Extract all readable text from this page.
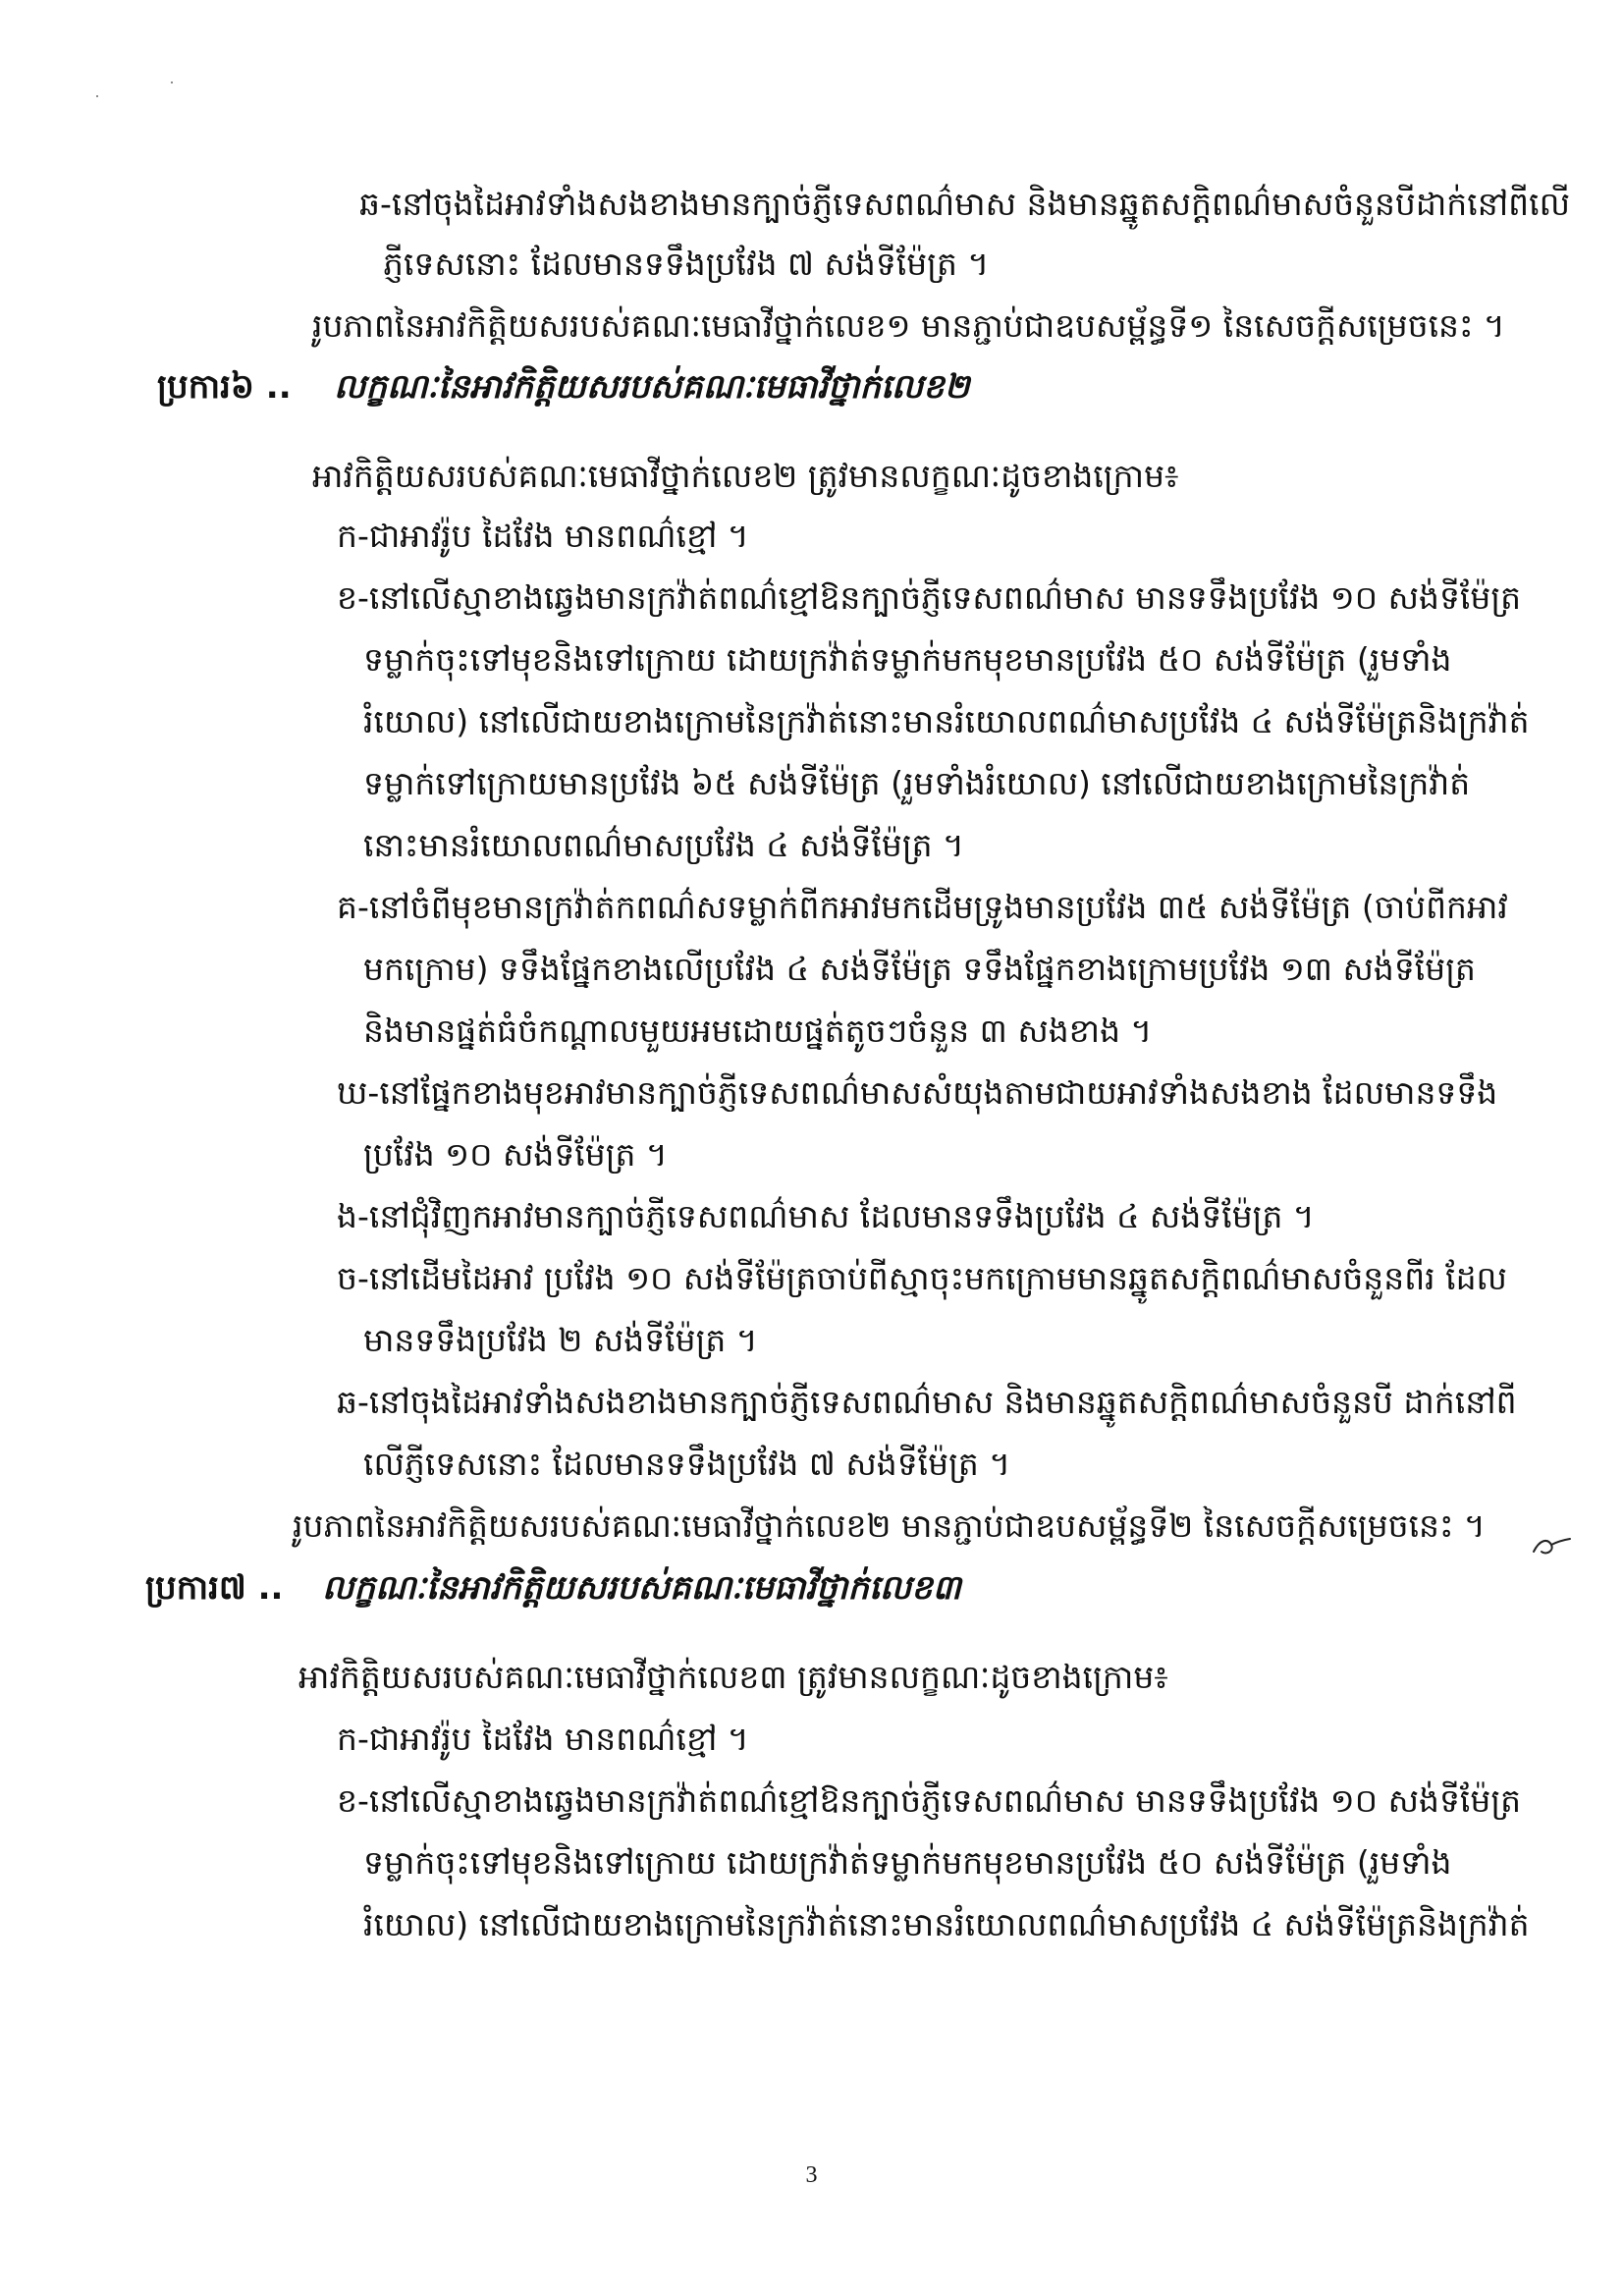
ឆ-នៅចុងដៃអាវទាំងសងខាងមានក្បាច់ភ្ញីទេសពណ៌មាស និងមានឆ្នូតសក្តិពណ៌មាសចំនួនបីដាក់នៅពីលើ
ភ្ញីទេសនោះ ដែលមានទទឹងប្រវែង ៧ សង់ទីម៉ែត្រ ។
រូបភាពនៃអាវកិត្តិយសរបស់គណៈមេធាវីថ្នាក់លេខ១ មានភ្ជាប់ជាឧបសម្ព័ន្ធទី១ នៃសេចក្តីសម្រេចនេះ ។
ប្រការ៦ .. លក្ខណៈនៃអាវកិត្តិយសរបស់គណៈមេធាវីថ្នាក់លេខ២
អាវកិត្តិយសរបស់គណៈមេធាវីថ្នាក់លេខ២ ត្រូវមានលក្ខណៈដូចខាងក្រោម៖
ក-ជាអាវរ៉ូប ដៃវែង មានពណ៌ខ្មៅ ។
ខ-នៅលើស្មាខាងឆ្វេងមានក្រវ៉ាត់ពណ៌ខ្មៅឱនក្បាច់ភ្ញីទេសពណ៌មាស មានទទឹងប្រវែង ១០ សង់ទីម៉ែត្រ
ទម្លាក់ចុះទៅមុខនិងទៅក្រោយ ដោយក្រវ៉ាត់ទម្លាក់មកមុខមានប្រវែង ៥០ សង់ទីម៉ែត្រ (រួមទាំង
រំយោល) នៅលើជាយខាងក្រោមនៃក្រវ៉ាត់នោះមានរំយោលពណ៌មាសប្រវែង ៤ សង់ទីម៉ែត្រនិងក្រវ៉ាត់
ទម្លាក់ទៅក្រោយមានប្រវែង ៦៥ សង់ទីម៉ែត្រ (រួមទាំងរំយោល) នៅលើជាយខាងក្រោមនៃក្រវ៉ាត់
នោះមានរំយោលពណ៌មាសប្រវែង ៤ សង់ទីម៉ែត្រ ។
គ-នៅចំពីមុខមានក្រវ៉ាត់កពណ៌សទម្លាក់ពីកអាវមកដើមទ្រូងមានប្រវែង ៣៥ សង់ទីម៉ែត្រ (ចាប់ពីកអាវ
មកក្រោម) ទទឹងផ្នែកខាងលើប្រវែង ៤ សង់ទីម៉ែត្រ ទទឹងផ្នែកខាងក្រោមប្រវែង ១៣ សង់ទីម៉ែត្រ
និងមានផ្នត់ធំចំកណ្តាលមួយអមដោយផ្នត់តូចៗចំនួន ៣ សងខាង ។
ឃ-នៅផ្នែកខាងមុខអាវមានក្បាច់ភ្ញីទេសពណ៌មាសសំយុងតាមជាយអាវទាំងសងខាង ដែលមានទទឹង
ប្រវែង ១០ សង់ទីម៉ែត្រ ។
ង-នៅជុំវិញកអាវមានក្បាច់ភ្ញីទេសពណ៌មាស ដែលមានទទឹងប្រវែង ៤ សង់ទីម៉ែត្រ ។
ច-នៅដើមដៃអាវ ប្រវែង ១០ សង់ទីម៉ែត្រចាប់ពីស្មាចុះមកក្រោមមានឆ្នូតសក្តិពណ៌មាសចំនួនពីរ ដែល
មានទទឹងប្រវែង ២ សង់ទីម៉ែត្រ ។
ឆ-នៅចុងដៃអាវទាំងសងខាងមានក្បាច់ភ្ញីទេសពណ៌មាស និងមានឆ្នូតសក្តិពណ៌មាសចំនួនបី ដាក់នៅពី
លើភ្ញីទេសនោះ ដែលមានទទឹងប្រវែង ៧ សង់ទីម៉ែត្រ ។
រូបភាពនៃអាវកិត្តិយសរបស់គណៈមេធាវីថ្នាក់លេខ២ មានភ្ជាប់ជាឧបសម្ព័ន្ធទី២ នៃសេចក្តីសម្រេចនេះ ។
ប្រការ៧ .. លក្ខណៈនៃអាវកិត្តិយសរបស់គណៈមេធាវីថ្នាក់លេខ៣
អាវកិត្តិយសរបស់គណៈមេធាវីថ្នាក់លេខ៣ ត្រូវមានលក្ខណៈដូចខាងក្រោម៖
ក-ជាអាវរ៉ូប ដៃវែង មានពណ៌ខ្មៅ ។
ខ-នៅលើស្មាខាងឆ្វេងមានក្រវ៉ាត់ពណ៌ខ្មៅឱនក្បាច់ភ្ញីទេសពណ៌មាស មានទទឹងប្រវែង ១០ សង់ទីម៉ែត្រ
ទម្លាក់ចុះទៅមុខនិងទៅក្រោយ ដោយក្រវ៉ាត់ទម្លាក់មកមុខមានប្រវែង ៥០ សង់ទីម៉ែត្រ (រួមទាំង
រំយោល) នៅលើជាយខាងក្រោមនៃក្រវ៉ាត់នោះមានរំយោលពណ៌មាសប្រវែង ៤ សង់ទីម៉ែត្រនិងក្រវ៉ាត់
3
